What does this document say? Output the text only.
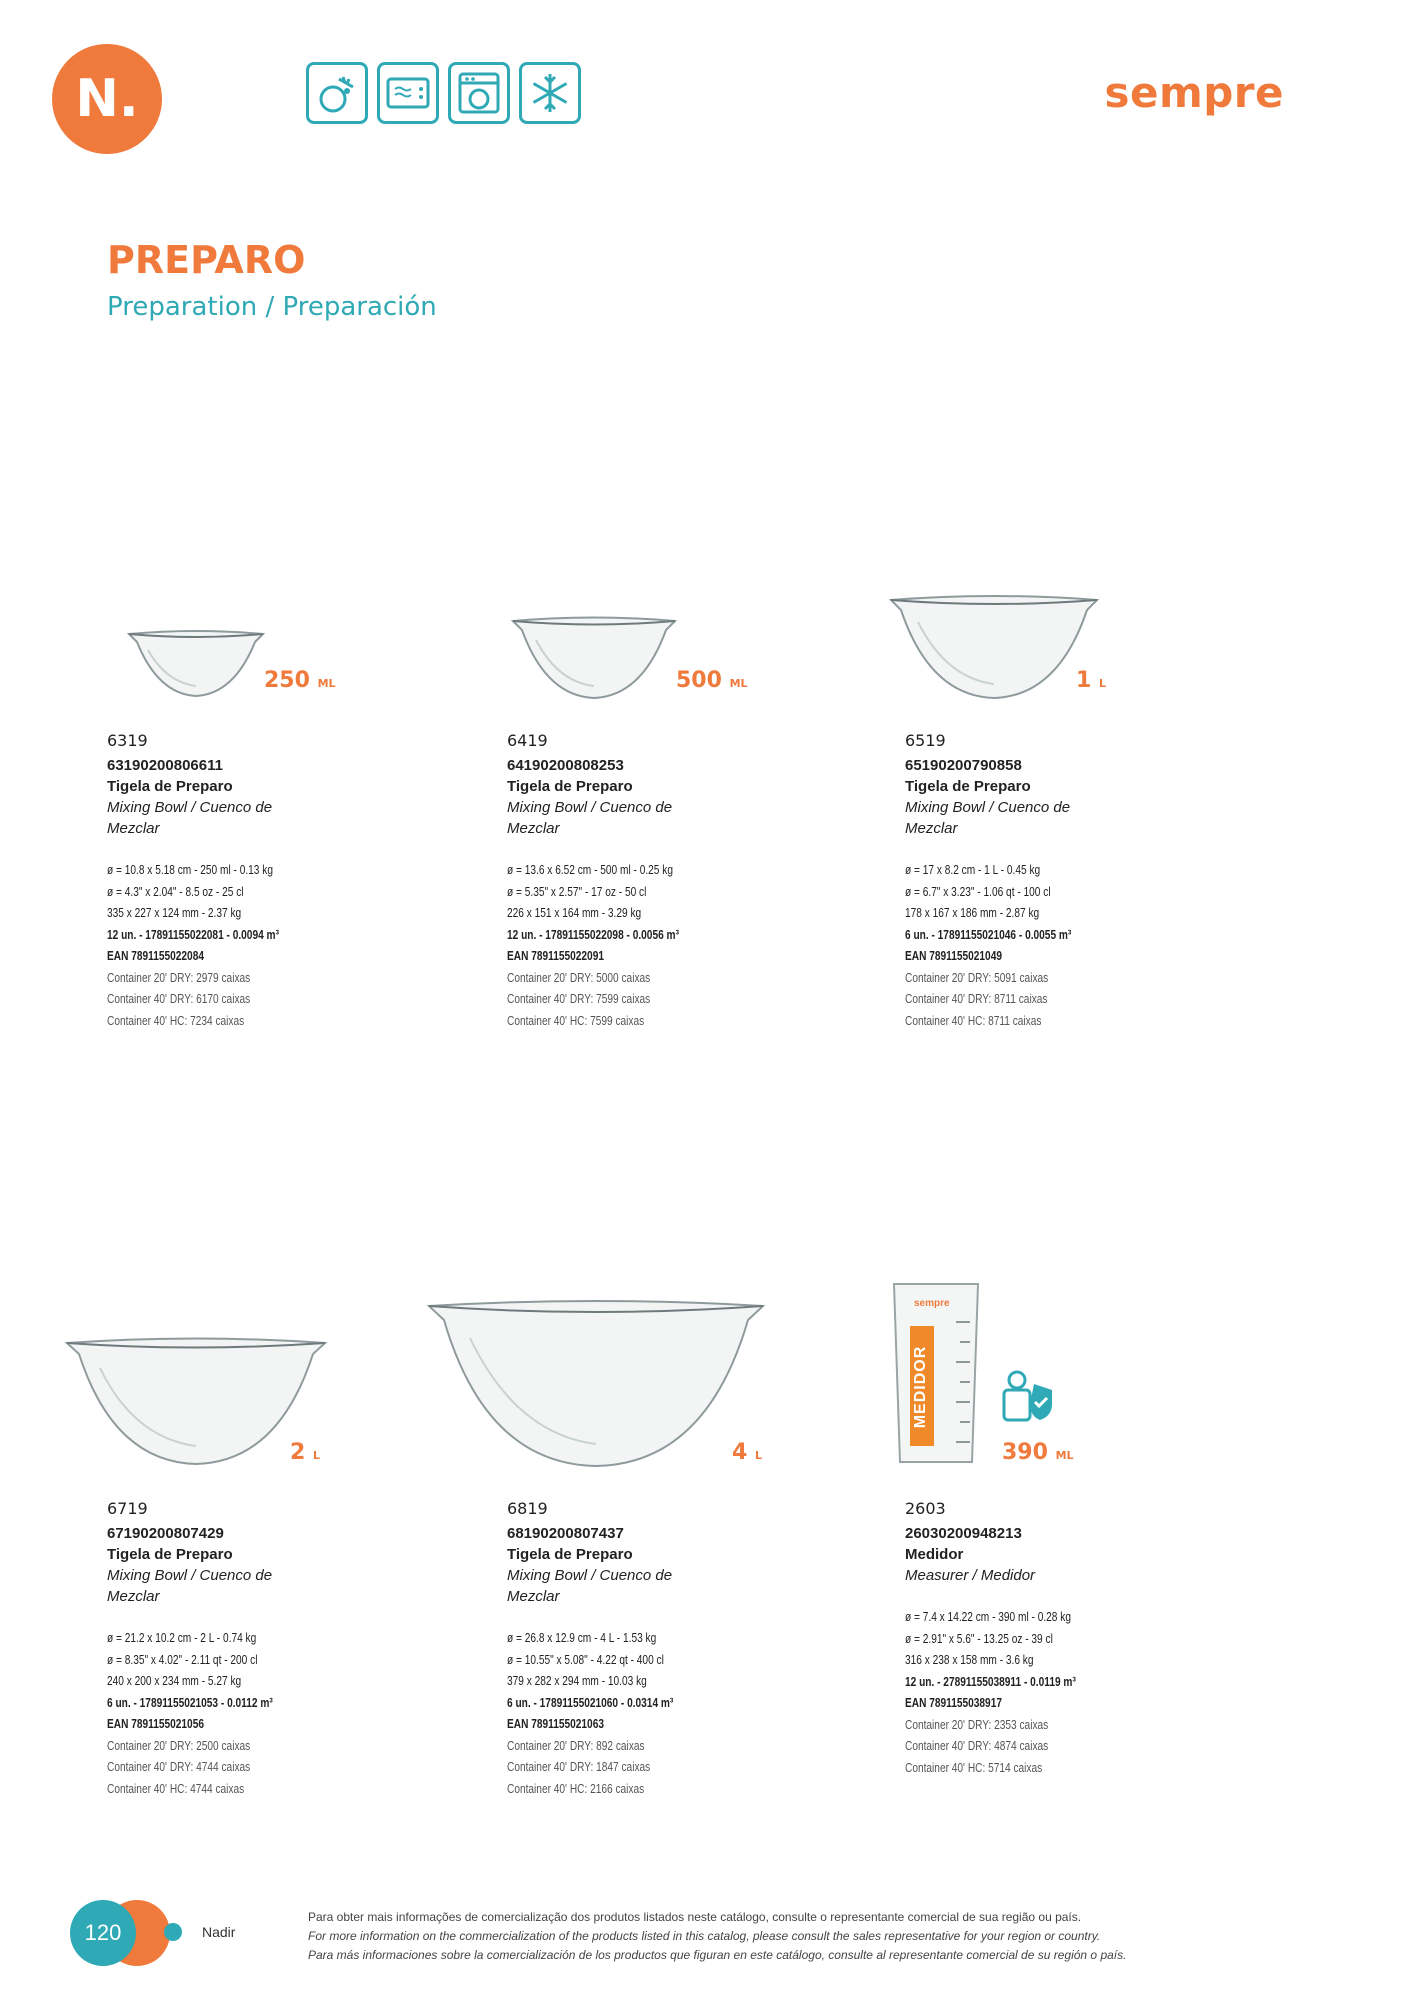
N.	sempre
PREPARO
Preparation / Preparación
250 ML	500 ML	1 L
2 L	4 L
sempre
MEDIDOR
390 ML
6319
63190200806611
Tigela de Preparo
Mixing Bowl / Cuenco de Mezclar
ø = 10.8 x 5.18 cm - 250 ml - 0.13 kg
ø = 4.3" x 2.04" - 8.5 oz - 25 cl
335 x 227 x 124 mm - 2.37 kg
12 un. - 17891155022081 - 0.0094 m³
EAN 7891155022084
Container 20' DRY: 2979 caixas
Container 40' DRY: 6170 caixas
Container 40' HC: 7234 caixas
6419
64190200808253
Tigela de Preparo
Mixing Bowl / Cuenco de Mezclar
ø = 13.6 x 6.52 cm - 500 ml - 0.25 kg
ø = 5.35" x 2.57" - 17 oz - 50 cl
226 x 151 x 164 mm - 3.29 kg
12 un. - 17891155022098 - 0.0056 m³
EAN 7891155022091
Container 20' DRY: 5000 caixas
Container 40' DRY: 7599 caixas
Container 40' HC: 7599 caixas
6519
65190200790858
Tigela de Preparo
Mixing Bowl / Cuenco de Mezclar
ø = 17 x 8.2 cm - 1 L - 0.45 kg
ø = 6.7" x 3.23" - 1.06 qt - 100 cl
178 x 167 x 186 mm - 2.87 kg
6 un. - 17891155021046 - 0.0055 m³
EAN 7891155021049
Container 20' DRY: 5091 caixas
Container 40' DRY: 8711 caixas
Container 40' HC: 8711 caixas
6719
67190200807429
Tigela de Preparo
Mixing Bowl / Cuenco de Mezclar
ø = 21.2 x 10.2 cm - 2 L - 0.74 kg
ø = 8.35" x 4.02" - 2.11 qt - 200 cl
240 x 200 x 234 mm - 5.27 kg
6 un. - 17891155021053 - 0.0112 m³
EAN 7891155021056
Container 20' DRY: 2500 caixas
Container 40' DRY: 4744 caixas
Container 40' HC: 4744 caixas
6819
68190200807437
Tigela de Preparo
Mixing Bowl / Cuenco de Mezclar
ø = 26.8 x 12.9 cm - 4 L - 1.53 kg
ø = 10.55" x 5.08" - 4.22 qt - 400 cl
379 x 282 x 294 mm - 10.03 kg
6 un. - 17891155021060 - 0.0314 m³
EAN 7891155021063
Container 20' DRY: 892 caixas
Container 40' DRY: 1847 caixas
Container 40' HC: 2166 caixas
2603
26030200948213
Medidor
Measurer / Medidor
ø = 7.4 x 14.22 cm - 390 ml - 0.28 kg
ø = 2.91" x 5.6" - 13.25 oz - 39 cl
316 x 238 x 158 mm - 3.6 kg
12 un. - 27891155038911 - 0.0119 m³
EAN 7891155038917
Container 20' DRY: 2353 caixas
Container 40' DRY: 4874 caixas
Container 40' HC: 5714 caixas
120	Nadir
Para obter mais informações de comercialização dos produtos listados neste catálogo, consulte o representante comercial de sua região ou país.
For more information on the commercialization of the products listed in this catalog, please consult the sales representative for your region or country.
Para más informaciones sobre la comercialización de los productos que figuran en este catálogo, consulte al representante comercial de su región o país.
